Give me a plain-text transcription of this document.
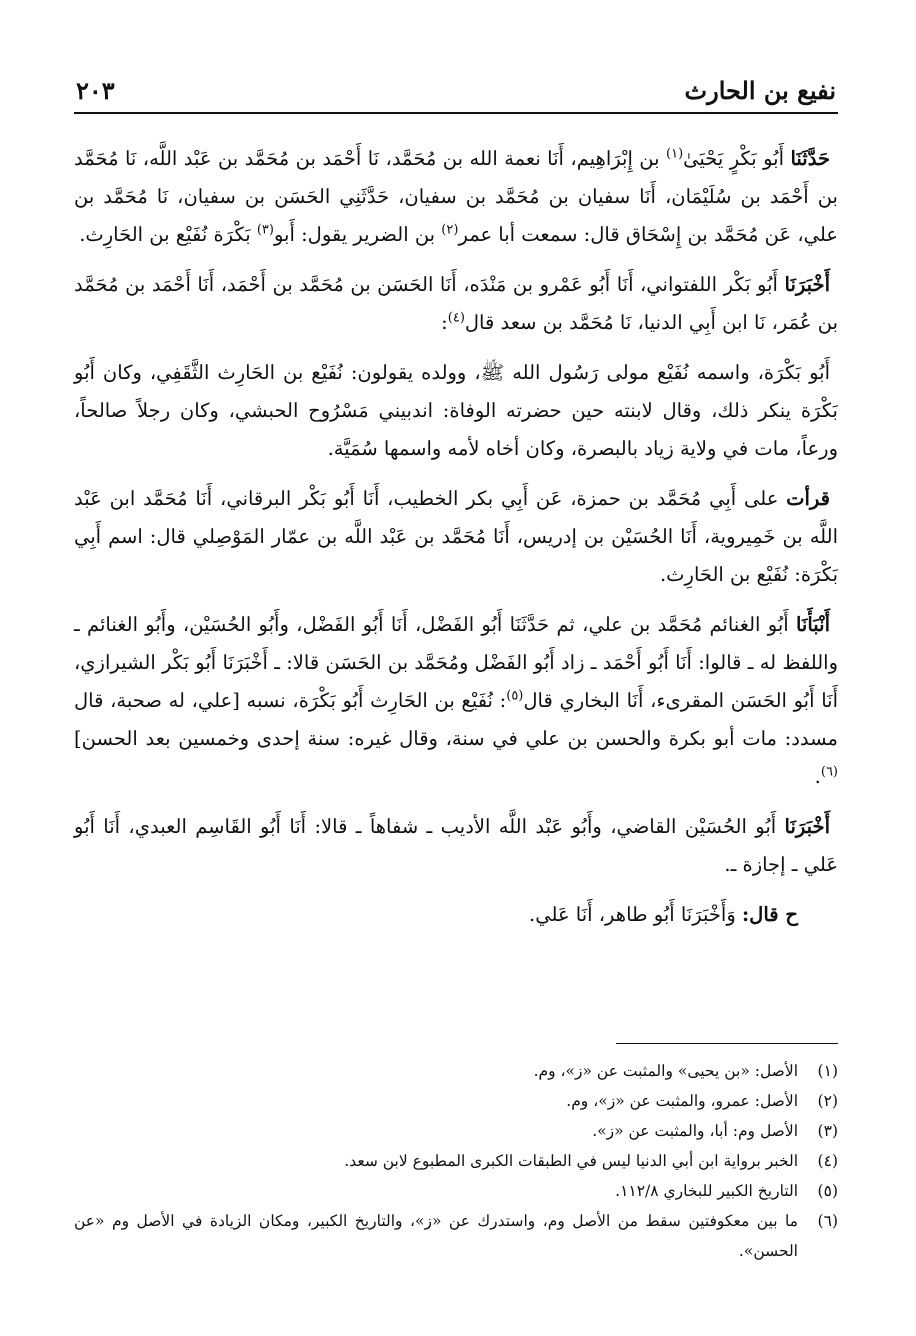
نفيع بن الحارث
٢٠٣

حَدَّثَنَا أَبُو بَكْرٍ يَحْيَىٰ$^{(١)}$ بن إِبْرَاهِيم، أَنَا نعمة الله بن مُحَمَّد، نَا أَحْمَد بن مُحَمَّد بن عَبْد اللَّه، نَا مُحَمَّد بن أَحْمَد بن سُلَيْمَان، أَنَا سفيان بن مُحَمَّد بن سفيان، حَدَّثَنِي الحَسَن بن سفيان، نَا مُحَمَّد بن علي، عَن مُحَمَّد بن إِسْحَاق قال: سمعت أبا عمر$^{(٢)}$ بن الضرير يقول: أَبو$^{(٣)}$ بَكْرَة نُفَيْع بن الحَارِث.

أَخْبَرَنَا أَبُو بَكْر اللفتواني، أَنَا أَبُو عَمْرو بن مَنْدَه، أَنَا الحَسَن بن مُحَمَّد بن أَحْمَد، أَنَا أَحْمَد بن مُحَمَّد بن عُمَر، نَا ابن أَبِي الدنيا، نَا مُحَمَّد بن سعد قال$^{(٤)}$:

أَبُو بَكْرَة، واسمه نُفَيْع مولى رَسُول الله ﷺ، وولده يقولون: نُفَيْع بن الحَارِث الثَّقَفِي، وكان أَبُو بَكْرَة ينكر ذلك، وقال لابنته حين حضرته الوفاة: اندبيني مَسْرُوح الحبشي، وكان رجلاً صالحاً، ورعاً، مات في ولاية زياد بالبصرة، وكان أخاه لأمه واسمها سُمَيَّة.

قرأت على أَبِي مُحَمَّد بن حمزة، عَن أَبِي بكر الخطيب، أَنَا أَبُو بَكْر البرقاني، أَنَا مُحَمَّد ابن عَبْد اللَّه بن خَمِيروية، أَنَا الحُسَيْن بن إدريس، أَنَا مُحَمَّد بن عَبْد اللَّه بن عمّار المَوْصِلي قال: اسم أَبِي بَكْرَة: نُفَيْع بن الحَارِث.

أَنْبَأَنَا أَبُو الغنائم مُحَمَّد بن علي، ثم حَدَّثَنَا أَبُو الفَضْل، أَنَا أَبُو الفَضْل، وأَبُو الحُسَيْن، وأَبُو الغنائم ـ واللفظ له ـ قالوا: أَنَا أَبُو أَحْمَد ـ زاد أَبُو الفَضْل ومُحَمَّد بن الحَسَن قالا: ـ أَخْبَرَنَا أَبُو بَكْر الشيرازي، أَنَا أَبُو الحَسَن المقرىء، أَنَا البخاري قال$^{(٥)}$: نُفَيْع بن الحَارِث أَبُو بَكْرَة، نسبه [علي، له صحبة، قال مسدد: مات أبو بكرة والحسن بن علي في سنة، وقال غيره: سنة إحدى وخمسين بعد الحسن]$^{(٦)}$.

أَخْبَرَنَا أَبُو الحُسَيْن القاضي، وأَبُو عَبْد اللَّه الأديب ـ شفاهاً ـ قالا: أَنَا أَبُو القَاسِم العبدي، أَنَا أَبُو عَلي ـ إجازة ـ.

ح قال: وَأَخْبَرَنَا أَبُو طاهر، أَنَا عَلي.

(١)
الأصل: «بن يحيى» والمثبت عن «ز»، وم.
(٢)
الأصل: عمرو، والمثبت عن «ز»، وم.
(٣)
الأصل وم: أبا، والمثبت عن «ز».
(٤)
الخبر برواية ابن أبي الدنيا ليس في الطبقات الكبرى المطبوع لابن سعد.
(٥)
التاريخ الكبير للبخاري ١١٢/٨.
(٦)
ما بين معكوفتين سقط من الأصل وم، واستدرك عن «ز»، والتاريخ الكبير، ومكان الزيادة في الأصل وم «عن الحسن».
